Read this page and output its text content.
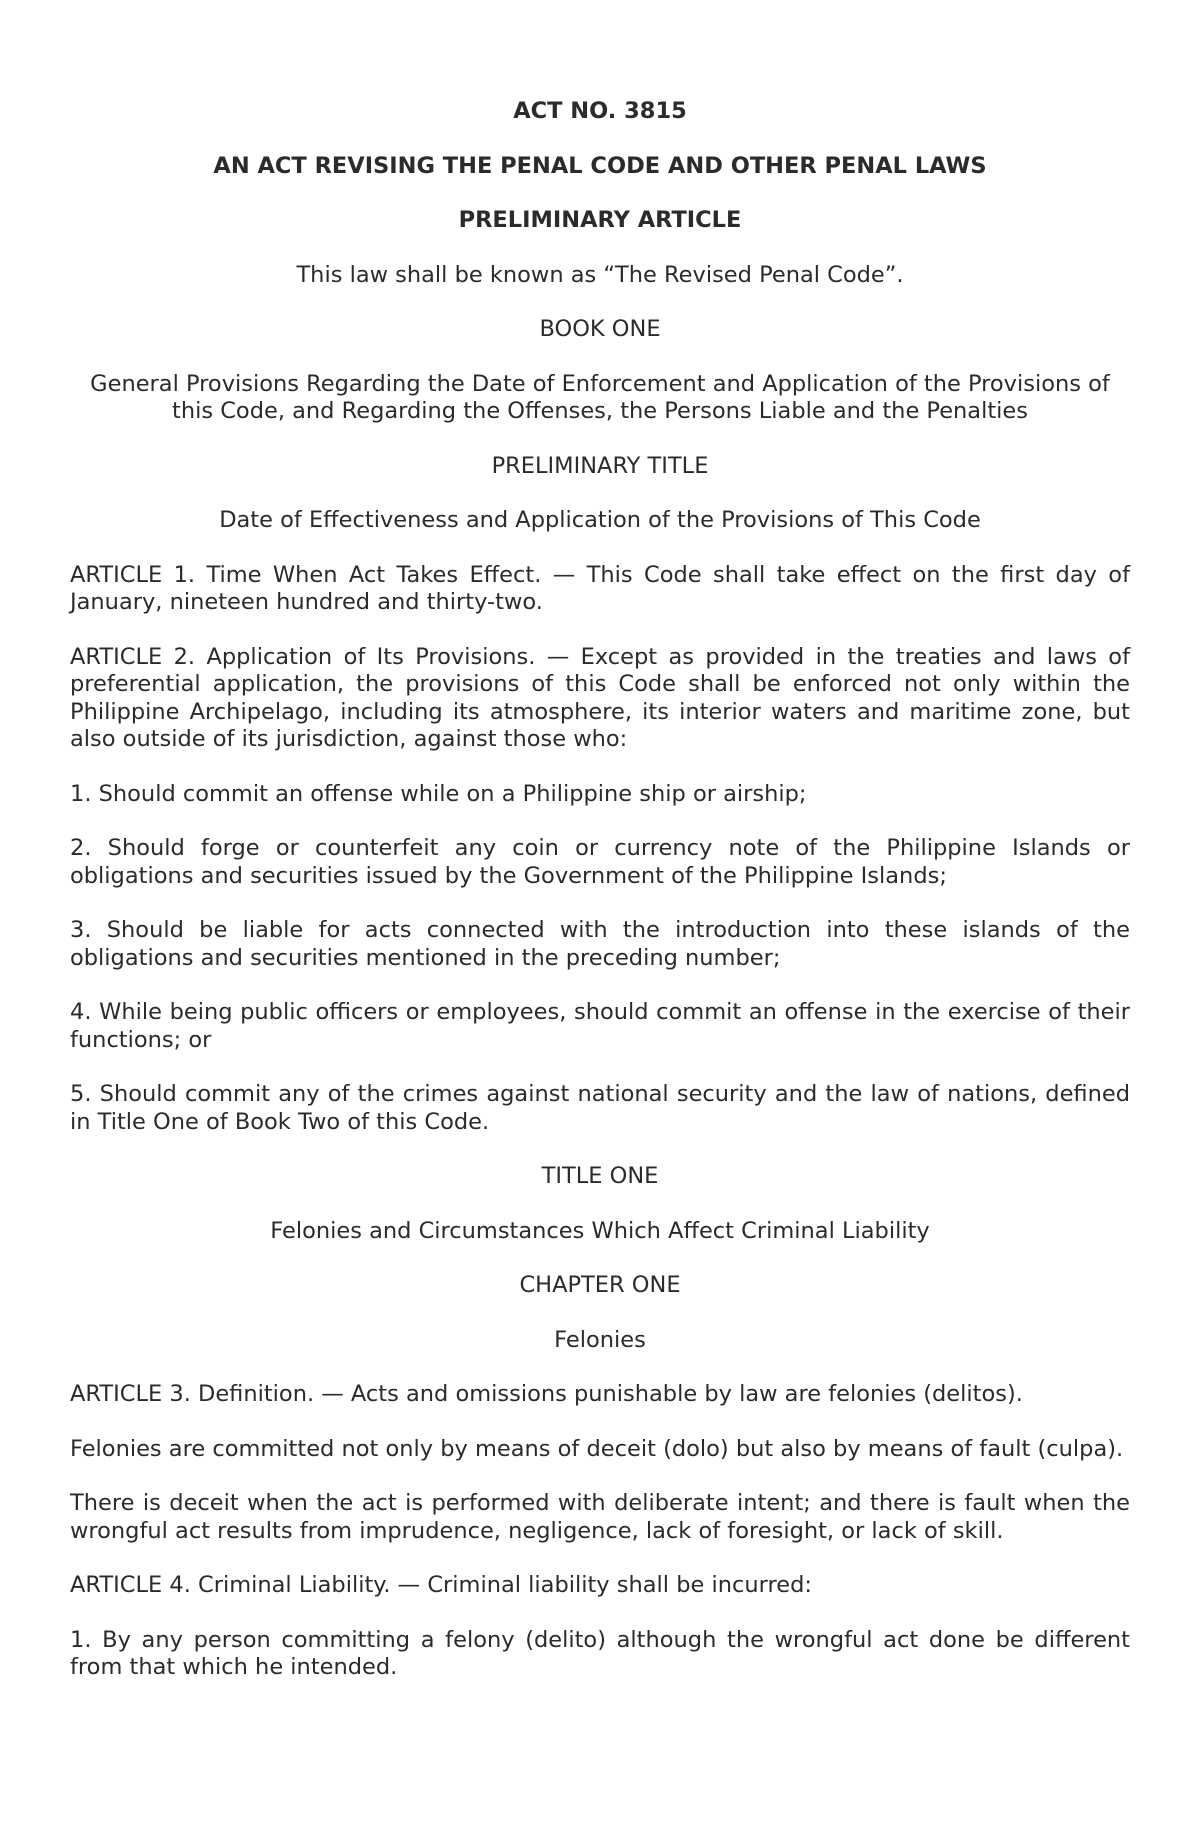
ACT NO. 3815

AN ACT REVISING THE PENAL CODE AND OTHER PENAL LAWS

PRELIMINARY ARTICLE

This law shall be known as “The Revised Penal Code”.

BOOK ONE

General Provisions Regarding the Date of Enforcement and Application of the Provisions of this Code, and Regarding the Offenses, the Persons Liable and the Penalties

PRELIMINARY TITLE

Date of Effectiveness and Application of the Provisions of This Code

ARTICLE 1. Time When Act Takes Effect. — This Code shall take effect on the first day of January, nineteen hundred and thirty-two.

ARTICLE 2. Application of Its Provisions. — Except as provided in the treaties and laws of preferential application, the provisions of this Code shall be enforced not only within the Philippine Archipelago, including its atmosphere, its interior waters and maritime zone, but also outside of its jurisdiction, against those who:

1. Should commit an offense while on a Philippine ship or airship;

2. Should forge or counterfeit any coin or currency note of the Philippine Islands or obligations and securities issued by the Government of the Philippine Islands;

3. Should be liable for acts connected with the introduction into these islands of the obligations and securities mentioned in the preceding number;

4. While being public officers or employees, should commit an offense in the exercise of their functions; or

5. Should commit any of the crimes against national security and the law of nations, defined in Title One of Book Two of this Code.

TITLE ONE

Felonies and Circumstances Which Affect Criminal Liability

CHAPTER ONE

Felonies

ARTICLE 3. Definition. — Acts and omissions punishable by law are felonies (delitos).

Felonies are committed not only by means of deceit (dolo) but also by means of fault (culpa).

There is deceit when the act is performed with deliberate intent; and there is fault when the wrongful act results from imprudence, negligence, lack of foresight, or lack of skill.

ARTICLE 4. Criminal Liability. — Criminal liability shall be incurred:

1. By any person committing a felony (delito) although the wrongful act done be different from that which he intended.
